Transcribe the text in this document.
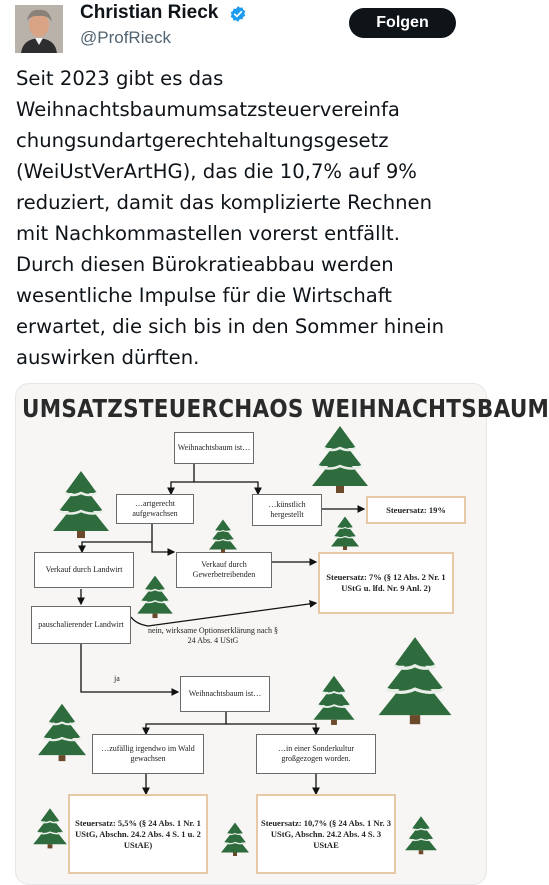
Christian Rieck
@ProfRieck
Folgen
Seit 2023 gibt es das
Weihnachtsbaumumsatzsteuervereinfa
chungsundartgerechtehaltungsgesetz
(WeiUstVerArtHG), das die 10,7% auf 9%
reduziert, damit das komplizierte Rechnen
mit Nachkommastellen vorerst entfällt.
Durch diesen Bürokratieabbau werden
wesentliche Impulse für die Wirtschaft
erwartet, die sich bis in den Sommer hinein
auswirken dürften.
UMSATZSTEUERCHAOS WEIHNACHTSBAUM
Weihnachtsbaum ist…
…artgerecht aufgewachsen
…künstlich hergestellt	Steuersatz: 19%
Verkauf durch Landwirt
Verkauf durch Gewerbetreibenden	Steuersatz: 7% (§ 12 Abs. 2 Nr. 1 UStG u. lfd. Nr. 9 Anl. 2)
pauschalierender Landwirt
nein, wirksame Optionserklärung nach § 24 Abs. 4 UStG
ja
Weihnachtsbaum ist…
…zufällig irgendwo im Wald gewachsen
…in einer Sonderkultur großgezogen worden.
Steuersatz: 5,5% (§ 24 Abs. 1 Nr. 1 UStG, Abschn. 24.2 Abs. 4 S. 1 u. 2 UStAE)
Steuersatz: 10,7% (§ 24 Abs. 1 Nr. 3 UStG, Abschn. 24.2 Abs. 4 S. 3 UStAE
